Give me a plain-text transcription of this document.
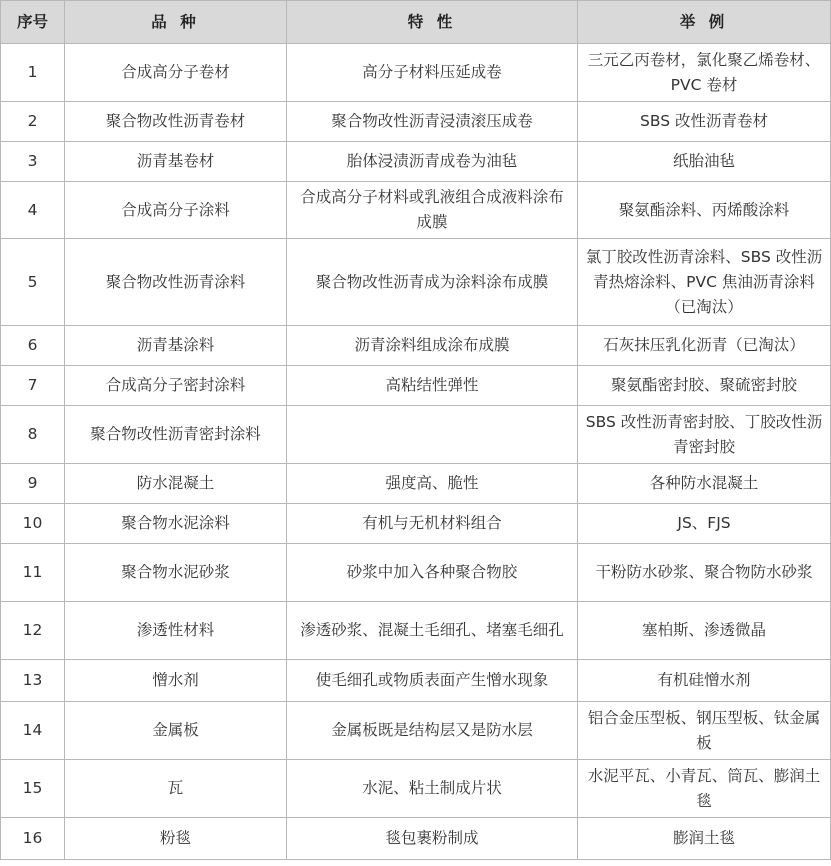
序号	品 种	特 性	举 例
1	合成高分子卷材	高分子材料压延成卷	三元乙丙卷材，氯化聚乙烯卷材、PVC 卷材
2	聚合物改性沥青卷材	聚合物改性沥青浸渍滚压成卷	SBS 改性沥青卷材
3	沥青基卷材	胎体浸渍沥青成卷为油毡	纸胎油毡
4	合成高分子涂料	合成高分子材料或乳液组合成液料涂布成膜	聚氨酯涂料、丙烯酸涂料
5	聚合物改性沥青涂料	聚合物改性沥青成为涂料涂布成膜	氯丁胶改性沥青涂料、SBS 改性沥青热熔涂料、PVC 焦油沥青涂料（已淘汰）
6	沥青基涂料	沥青涂料组成涂布成膜	石灰抹压乳化沥青（已淘汰）
7	合成高分子密封涂料	高粘结性弹性	聚氨酯密封胶、聚硫密封胶
8	聚合物改性沥青密封涂料		SBS 改性沥青密封胶、丁胶改性沥青密封胶
9	防水混凝土	强度高、脆性	各种防水混凝土
10	聚合物水泥涂料	有机与无机材料组合	JS、FJS
11	聚合物水泥砂浆	砂浆中加入各种聚合物胶	干粉防水砂浆、聚合物防水砂浆
12	渗透性材料	渗透砂浆、混凝土毛细孔、堵塞毛细孔	塞柏斯、渗透微晶
13	憎水剂	使毛细孔或物质表面产生憎水现象	有机硅憎水剂
14	金属板	金属板既是结构层又是防水层	铝合金压型板、钢压型板、钛金属板
15	瓦	水泥、粘土制成片状	水泥平瓦、小青瓦、筒瓦、膨润土毯
16	粉毯	毯包裹粉制成	膨润土毯
